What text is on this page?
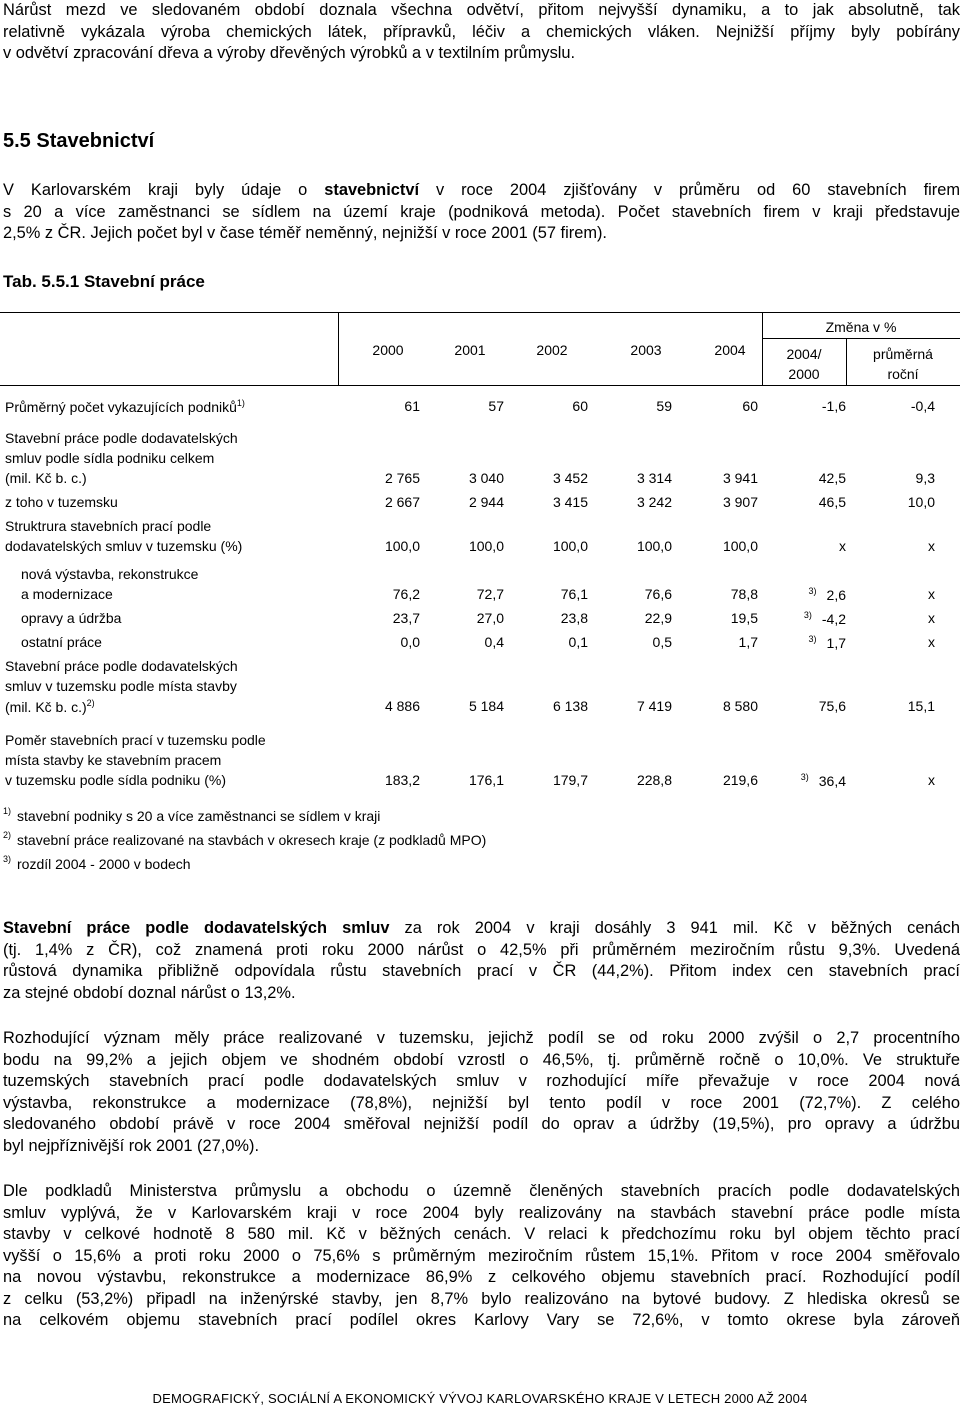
Nárůst mezd ve sledovaném období doznala všechna odvětví, přitom nejvyšší dynamiku, a to jak absolutně, tak
relativně vykázala výroba chemických látek, přípravků, léčiv a chemických vláken. Nejnižší příjmy byly pobírány
v odvětví zpracování dřeva a výroby dřevěných výrobků a v textilním průmyslu.
5.5 Stavebnictví
V Karlovarském kraji byly údaje o stavebnictví v roce 2004 zjišťovány v průměru od 60 stavebních firem
s 20 a více zaměstnanci se sídlem na území kraje (podniková metoda). Počet stavebních firem v kraji představuje
2,5% z ČR. Jejich počet byl v čase téměř neměnný, nejnižší v roce 2001 (57 firem).
Tab. 5.5.1 Stavební práce
Změna v %
2004/
2000
průměrná
roční
2000	2001	2002	2003	2004
Průměrný počet vykazujících podniků$^{1)}$	61	57	60	59	60	-1,6	-0,4
Stavební práce podle dodavatelských
smluv podle sídla podniku celkem
(mil. Kč b. c.)	2 765	3 040	3 452	3 314	3 941	42,5	9,3
z toho v tuzemsku	2 667	2 944	3 415	3 242	3 907	46,5	10,0
Struktrura stavebních prací podle
dodavatelských smluv v tuzemsku (%)	100,0	100,0	100,0	100,0	100,0	x	x
nová výstavba, rekonstrukce
a modernizace	76,2	72,7	76,1	76,6	78,8	$^{3)}$ 2,6	x
opravy a údržba	23,7	27,0	23,8	22,9	19,5	$^{3)}$ -4,2	x
ostatní práce	0,0	0,4	0,1	0,5	1,7	$^{3)}$ 1,7	x
Stavební práce podle dodavatelských
smluv v tuzemsku podle místa stavby
(mil. Kč b. c.)$^{2)}$	4 886	5 184	6 138	7 419	8 580	75,6	15,1
Poměr stavebních prací v tuzemsku podle
místa stavby ke stavebním pracem
v tuzemsku podle sídla podniku (%)	183,2	176,1	179,7	228,8	219,6	$^{3)}$ 36,4	x
$^{1)}$ stavební podniky s 20 a více zaměstnanci se sídlem v kraji
$^{2)}$ stavební práce realizované na stavbách v okresech kraje (z podkladů MPO)
$^{3)}$ rozdíl 2004 - 2000 v bodech
Stavební práce podle dodavatelských smluv za rok 2004 v kraji dosáhly 3 941 mil. Kč v běžných cenách
(tj. 1,4% z ČR), což znamená proti roku 2000 nárůst o 42,5% při průměrném meziročním růstu 9,3%. Uvedená
růstová dynamika přibližně odpovídala růstu stavebních prací v ČR (44,2%). Přitom index cen stavebních prací
za stejné období doznal nárůst o 13,2%.
Rozhodující význam měly práce realizované v tuzemsku, jejichž podíl se od roku 2000 zvýšil o 2,7 procentního
bodu na 99,2% a jejich objem ve shodném období vzrostl o 46,5%, tj. průměrně ročně o 10,0%. Ve struktuře
tuzemských stavebních prací podle dodavatelských smluv v rozhodující míře převažuje v roce 2004 nová
výstavba, rekonstrukce a modernizace (78,8%), nejnižší byl tento podíl v roce 2001 (72,7%). Z celého
sledovaného období právě v roce 2004 směřoval nejnižší podíl do oprav a údržby (19,5%), pro opravy a údržbu
byl nejpříznivější rok 2001 (27,0%).
Dle podkladů Ministerstva průmyslu a obchodu o územně členěných stavebních pracích podle dodavatelských
smluv vyplývá, že v Karlovarském kraji v roce 2004 byly realizovány na stavbách stavební práce podle místa
stavby v celkové hodnotě 8 580 mil. Kč v běžných cenách. V relaci k předchozímu roku byl objem těchto prací
vyšší o 15,6% a proti roku 2000 o 75,6% s průměrným meziročním růstem 15,1%. Přitom v roce 2004 směřovalo
na novou výstavbu, rekonstrukce a modernizace 86,9% z celkového objemu stavebních prací. Rozhodující podíl
z celku (53,2%) připadl na inženýrské stavby, jen 8,7% bylo realizováno na bytové budovy. Z hlediska okresů se
na celkovém objemu stavebních prací podílel okres Karlovy Vary se 72,6%, v tomto okrese byla zároveň
DEMOGRAFICKÝ, SOCIÁLNÍ A EKONOMICKÝ VÝVOJ KARLOVARSKÉHO KRAJE V LETECH 2000 AŽ 2004
